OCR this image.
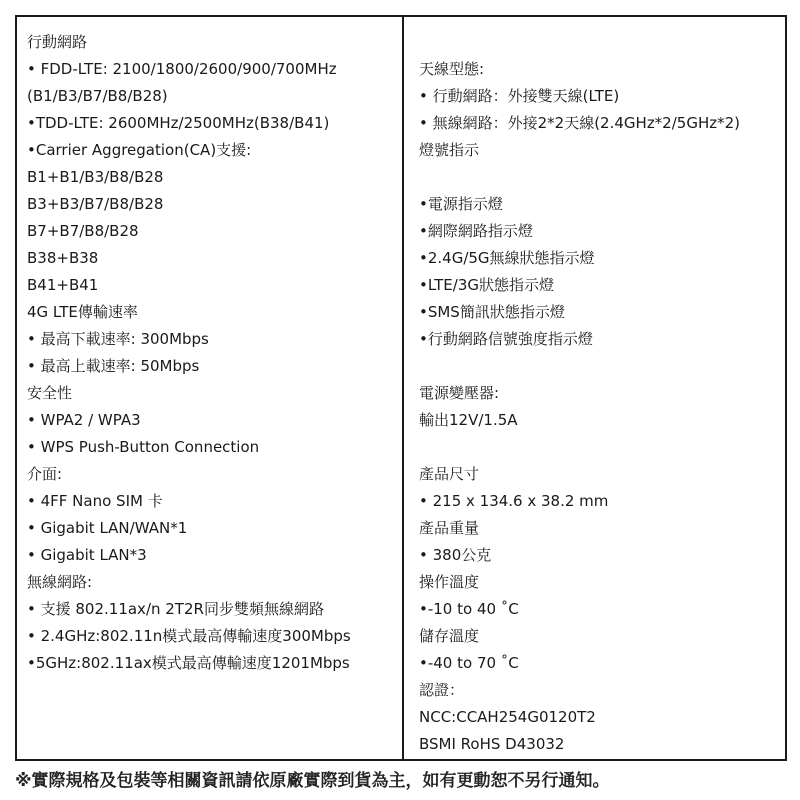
行動網路
• FDD-LTE: 2100/1800/2600/900/700MHz
(B1/B3/B7/B8/B28)
•TDD-LTE: 2600MHz/2500MHz(B38/B41)
•Carrier Aggregation(CA)支援:
B1+B1/B3/B8/B28
B3+B3/B7/B8/B28
B7+B7/B8/B28
B38+B38
B41+B41
4G LTE傳輸速率
• 最高下載速率: 300Mbps
• 最高上載速率: 50Mbps
安全性
• WPA2 / WPA3
• WPS Push-Button Connection
介面:
• 4FF Nano SIM 卡
• Gigabit LAN/WAN*1
• Gigabit LAN*3
無線網路:
• 支援 802.11ax/n 2T2R同步雙頻無線網路
• 2.4GHz:802.11n模式最高傳輸速度300Mbps
•5GHz:802.11ax模式最高傳輸速度1201Mbps
天線型態:
• 行動網路：外接雙天線(LTE)
• 無線網路：外接2*2天線(2.4GHz*2/5GHz*2)
燈號指示
•電源指示燈
•網際網路指示燈
•2.4G/5G無線狀態指示燈
•LTE/3G狀態指示燈
•SMS簡訊狀態指示燈
•行動網路信號強度指示燈
電源變壓器:
輸出12V/1.5A
產品尺寸
• 215 x 134.6 x 38.2 mm
產品重量
• 380公克
操作溫度
•-10 to 40 ˚C
儲存溫度
•-40 to 70 ˚C
認證：
NCC:CCAH254G0120T2
BSMI RoHS D43032
※實際規格及包裝等相關資訊請依原廠實際到貨為主，如有更動恕不另行通知。
